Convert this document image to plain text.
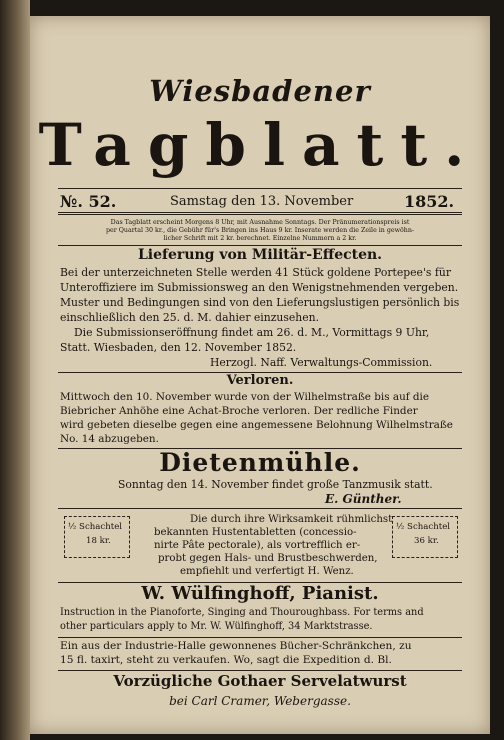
Wiesbadener
Tagblatt.
№. 52.	Samstag den 13. November	1852.
Das Tagblatt erscheint Morgens 8 Uhr, mit Ausnahme Sonntags. Der Pränumerationspreis ist
per Quartal 30 kr., die Gebühr für's Bringen ins Haus 9 kr. Inserate werden die Zeile in gewöhn-
licher Schrift mit 2 kr. berechnet. Einzelne Nummern a 2 kr.
Lieferung von Militär-Effecten.
Bei der unterzeichneten Stelle werden 41 Stück goldene Portepee's für
Unteroffiziere im Submissionsweg an den Wenigstnehmenden vergeben.
Muster und Bedingungen sind von den Lieferungslustigen persönlich bis
einschließlich den 25. d. M. dahier einzusehen.
Die Submissionseröffnung findet am 26. d. M., Vormittags 9 Uhr,
Statt. Wiesbaden, den 12. November 1852.
Herzogl. Naff. Verwaltungs-Commission.
Verloren.
Mittwoch den 10. November wurde von der Wilhelmstraße bis auf die
Biebricher Anhöhe eine Achat-Broche verloren. Der redliche Finder
wird gebeten dieselbe gegen eine angemessene Belohnung Wilhelmstraße
No. 14 abzugeben.
Dietenmühle.
Sonntag den 14. November findet große Tanzmusik statt.
E. Günther.
½ Schachtel
18 kr.
Die durch ihre Wirksamkeit rühmlichst
bekannten Hustentabletten (concessio-
nirte Pâte pectorale), als vortrefflich er-
probt gegen Hals- und Brustbeschwerden,
empfiehlt und verfertigt H. Wenz.
½ Schachtel
36 kr.
W. Wülfinghoff, Pianist.
Instruction in the Pianoforte, Singing and Thouroughbass. For terms and
other particulars apply to Mr. W. Wülfinghoff, 34 Marktstrasse.
Ein aus der Industrie-Halle gewonnenes Bücher-Schränkchen, zu
15 fl. taxirt, steht zu verkaufen. Wo, sagt die Expedition d. Bl.
Vorzügliche Gothaer Servelatwurst
bei Carl Cramer, Webergasse.
